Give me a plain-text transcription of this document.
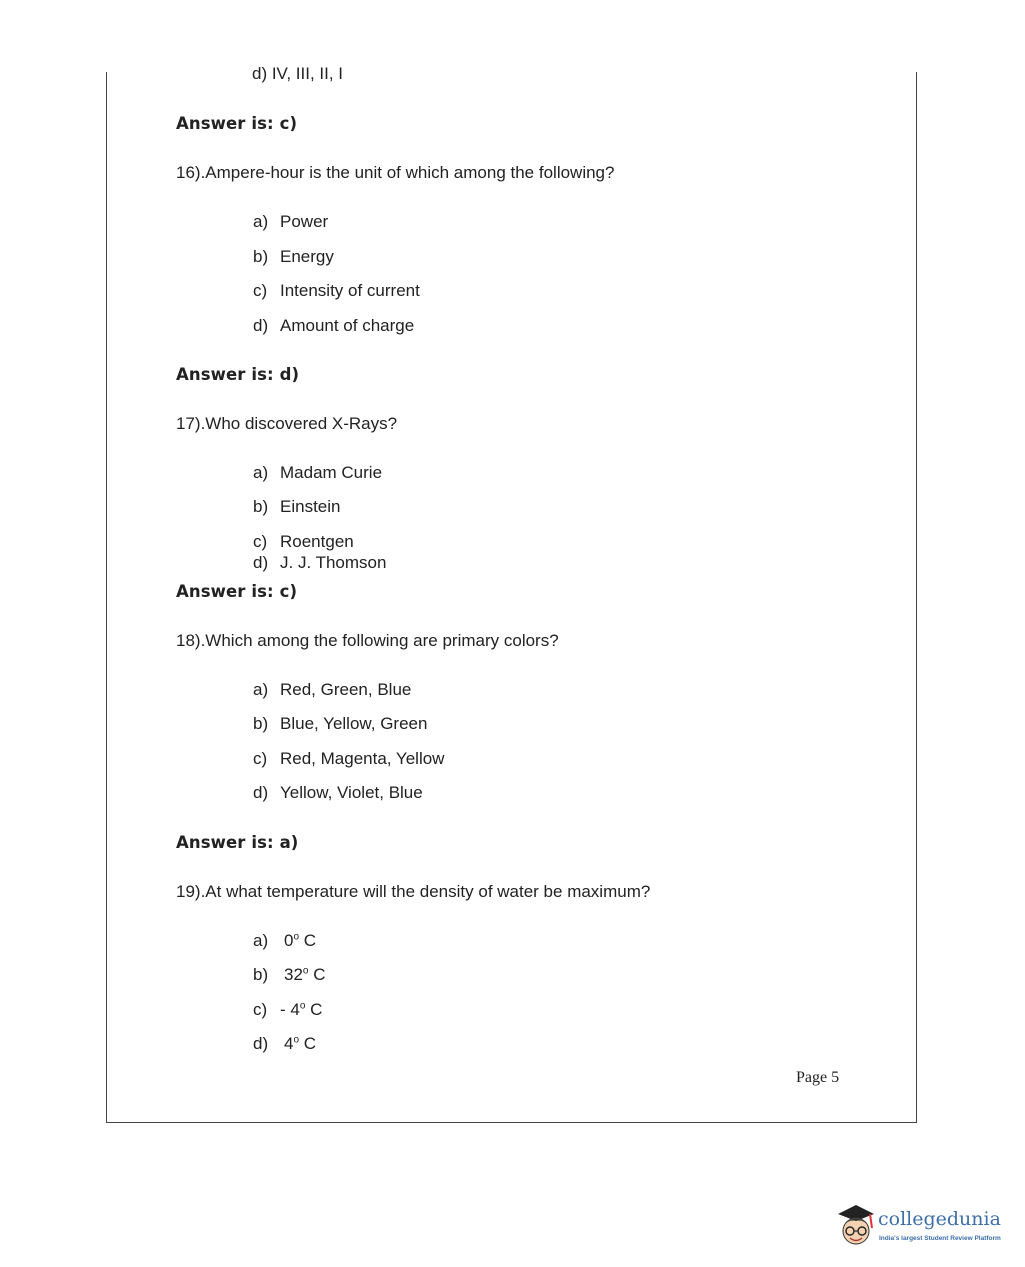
d) IV, III, II, I
Answer is: c)
16).Ampere-hour is the unit of which among the following?
a) Power
b) Energy
c) Intensity of current
d) Amount of charge
Answer is: d)
17).Who discovered X-Rays?
a) Madam Curie
b) Einstein
c) Roentgen
d) J. J. Thomson
Answer is: c)
18).Which among the following are primary colors?
a) Red, Green, Blue
b) Blue, Yellow, Green
c) Red, Magenta, Yellow
d) Yellow, Violet, Blue
Answer is: a)
19).At what temperature will the density of water be maximum?
a) 0$^o$ C
b) 32$^o$ C
c) - 4$^o$ C
d) 4$^o$ C
Page 5
collegedunia
India's largest Student Review Platform
